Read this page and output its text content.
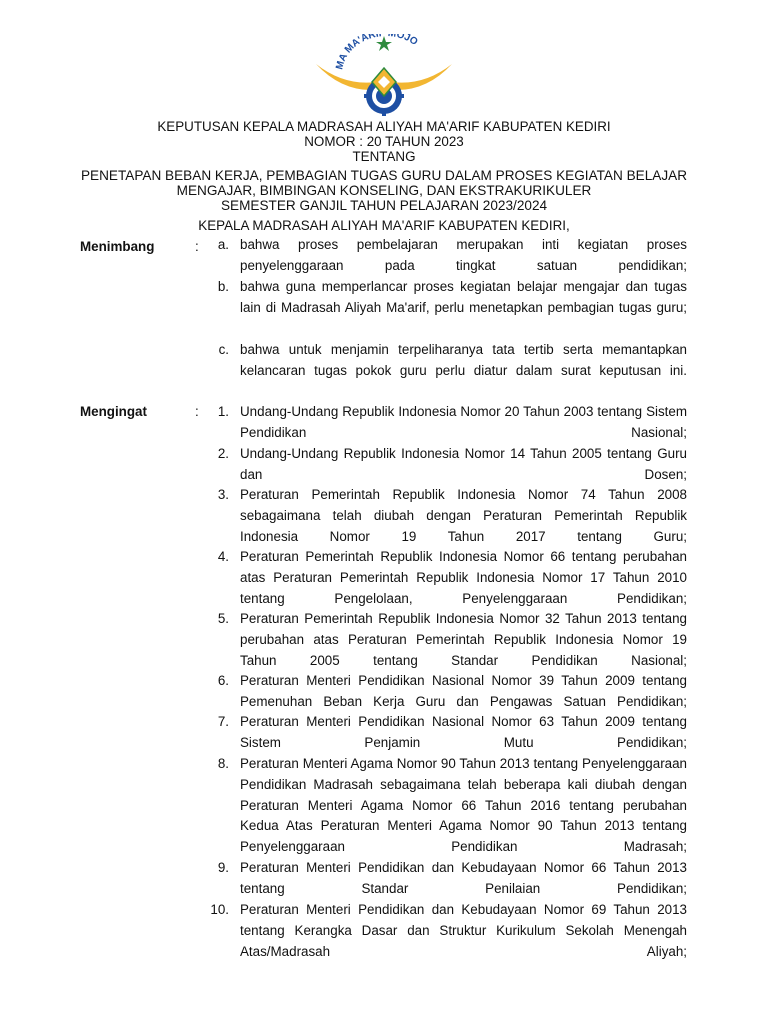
MA MA'ARI OJO
KEPUTUSAN KEPALA MADRASAH ALIYAH MA'ARIF KABUPATEN KEDIRI
NOMOR : 20 TAHUN 2023
TENTANG
PENETAPAN BEBAN KERJA, PEMBAGIAN TUGAS GURU DALAM PROSES KEGIATAN BELAJAR
MENGAJAR, BIMBINGAN KONSELING, DAN EKSTRAKURIKULER
SEMESTER GANJIL TAHUN PELAJARAN 2023/2024
KEPALA MADRASAH ALIYAH MA'ARIF KABUPATEN KEDIRI,
Menimbang	:	a. bahwa proses pembelajaran merupakan inti kegiatan proses penyelenggaraan pada tingkat satuan pendidikan;
b. bahwa guna memperlancar proses kegiatan belajar mengajar dan tugas lain di Madrasah Aliyah Ma'arif, perlu menetapkan pembagian tugas guru;
c. bahwa untuk menjamin terpeliharanya tata tertib serta memantapkan kelancaran tugas pokok guru perlu diatur dalam surat keputusan ini.
Mengingat	:	1. Undang-Undang Republik Indonesia Nomor 20 Tahun 2003 tentang Sistem Pendidikan Nasional;
2. Undang-Undang Republik Indonesia Nomor 14 Tahun 2005 tentang Guru dan Dosen;
3. Peraturan Pemerintah Republik Indonesia Nomor 74 Tahun 2008 sebagaimana telah diubah dengan Peraturan Pemerintah Republik Indonesia Nomor 19 Tahun 2017 tentang Guru;
4. Peraturan Pemerintah Republik Indonesia Nomor 66 tentang perubahan atas Peraturan Pemerintah Republik Indonesia Nomor 17 Tahun 2010 tentang Pengelolaan, Penyelenggaraan Pendidikan;
5. Peraturan Pemerintah Republik Indonesia Nomor 32 Tahun 2013 tentang perubahan atas Peraturan Pemerintah Republik Indonesia Nomor 19 Tahun 2005 tentang Standar Pendidikan Nasional;
6. Peraturan Menteri Pendidikan Nasional Nomor 39 Tahun 2009 tentang Pemenuhan Beban Kerja Guru dan Pengawas Satuan Pendidikan;
7. Peraturan Menteri Pendidikan Nasional Nomor 63 Tahun 2009 tentang Sistem Penjamin Mutu Pendidikan;
8. Peraturan Menteri Agama Nomor 90 Tahun 2013 tentang Penyelenggaraan Pendidikan Madrasah sebagaimana telah beberapa kali diubah dengan Peraturan Menteri Agama Nomor 66 Tahun 2016 tentang perubahan Kedua Atas Peraturan Menteri Agama Nomor 90 Tahun 2013 tentang Penyelenggaraan Pendidikan Madrasah;
9. Peraturan Menteri Pendidikan dan Kebudayaan Nomor 66 Tahun 2013 tentang Standar Penilaian Pendidikan;
10. Peraturan Menteri Pendidikan dan Kebudayaan Nomor 69 Tahun 2013 tentang Kerangka Dasar dan Struktur Kurikulum Sekolah Menengah Atas/Madrasah Aliyah;
